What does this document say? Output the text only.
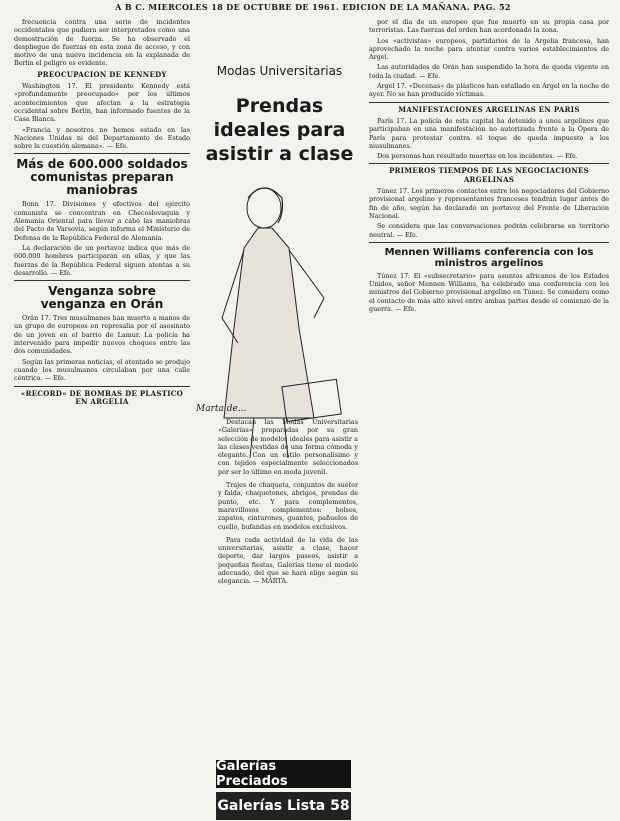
A B C. MIERCOLES 18 DE OCTUBRE DE 1961. EDICION DE LA MAÑANA. PAG. 52

frecuencia contra una serie de incidentes occidentales que pudiera ser interpretados como una demostración de fuerza. Se ha observado el despliegue de fuerzas en esta zona de acceso, y con motivo de una nueva incidencia en la explanada de Berlín el peligro es evidente.

PREOCUPACION DE KENNEDY

Washington 17. El presidente Kennedy está «profundamente preocupado» por los últimos acontecimientos que afectan a la estrategia occidental sobre Berlín, han informado fuentes de la Casa Blanca.

«Francia y nosotros no hemos estado en las Naciones Unidas ni del Departamento de Estado sobre la cuestión alemana». — Efe.

Más de 600.000 soldados comunistas preparan maniobras

Bonn 17. Divisiones y efectivos del ejército comunista se concentran en Checoslovaquia y Alemania Oriental para llevar a cabo las maniobras del Pacto de Varsovia, según informa el Ministerio de Defensa de la República Federal de Alemania.

La declaración de un portavoz indica que más de 600.000 hombres participarán en ellas, y que las fuerzas de la República Federal siguen atentas a su desarrollo. — Efe.

Venganza sobre venganza en Orán

Orán 17. Tres musulmanes han muerto a manos de un grupo de europeos en represalia por el asesinato de un joven en el barrio de Lamur. La policía ha intervenido para impedir nuevos choques entre las dos comunidades.

Según las primeras noticias, el atentado se produjo cuando los musulmanes circulaban por una calle céntrica. — Efe.

«RECORD» DE BOMBAS DE PLASTICO EN ARGELIA
Modas Universitarias
Prendas ideales para asistir a clase
Marta de...

Destacan las Modas Universitarias «Galerías» preparadas por su gran selección de modelos ideales para asistir a las clases vestidas de una forma cómoda y elegante. Con un estilo personalísimo y con tejidos especialmente seleccionados por ser lo último en moda juvenil.

Trajes de chaqueta, conjuntos de suéter y falda, chaquetones, abrigos, prendas de punto, etc. Y para complementos, maravillosos complementos: bolsos, zapatos, cinturones, guantes, pañuelos de cuello, bufandas en modelos exclusivos.

Para cada actividad de la vida de las universitarias, asistir a clase, hacer deporte, dar largos paseos, asistir a pequeñas fiestas, Galerías tiene el modelo adecuado, del que se hará elige según su elegancia. — MARTA.

Galerías Preciados
Galerías Lista 58

por el día de un europeo que fue muerto en su propia casa por terroristas. Las fuerzas del orden han acordonado la zona.

Los «activistas» europeos, partidarios de la Argelia francesa, han aprovechado la noche para atentar contra varios establecimientos de Argel.

Las autoridades de Orán han suspendido la hora de queda vigente en toda la ciudad. — Efe.

Argel 17. «Decenas» de plásticos han estallado en Argel en la noche de ayer. No se han producido víctimas.

MANIFESTACIONES ARGELINAS EN PARIS

París 17. La policía de esta capital ha detenido a unos argelinos que participaban en una manifestación no autorizada frente a la Ópera de París para protestar contra el toque de queda impuesto a los musulmanes.

Dos personas han resultado muertas en los incidentes. — Efe.

PRIMEROS TIEMPOS DE LAS NEGOCIACIONES ARGELINAS

Túnez 17. Los primeros contactos entre los negociadores del Gobierno provisional argelino y representantes franceses tendrán lugar antes de fin de año, según ha declarado un portavoz del Frente de Liberación Nacional.

Se considera que las conversaciones podrán celebrarse en territorio neutral. — Efe.

Mennen Williams conferencia con los ministros argelinos

Túnez 17. El «subsecretario» para asuntos africanos de los Estados Unidos, señor Mennen Williams, ha celebrado una conferencia con los ministros del Gobierno provisional argelino en Túnez. Se considera como el contacto de más alto nivel entre ambas partes desde el comienzo de la guerra. — Efe.
